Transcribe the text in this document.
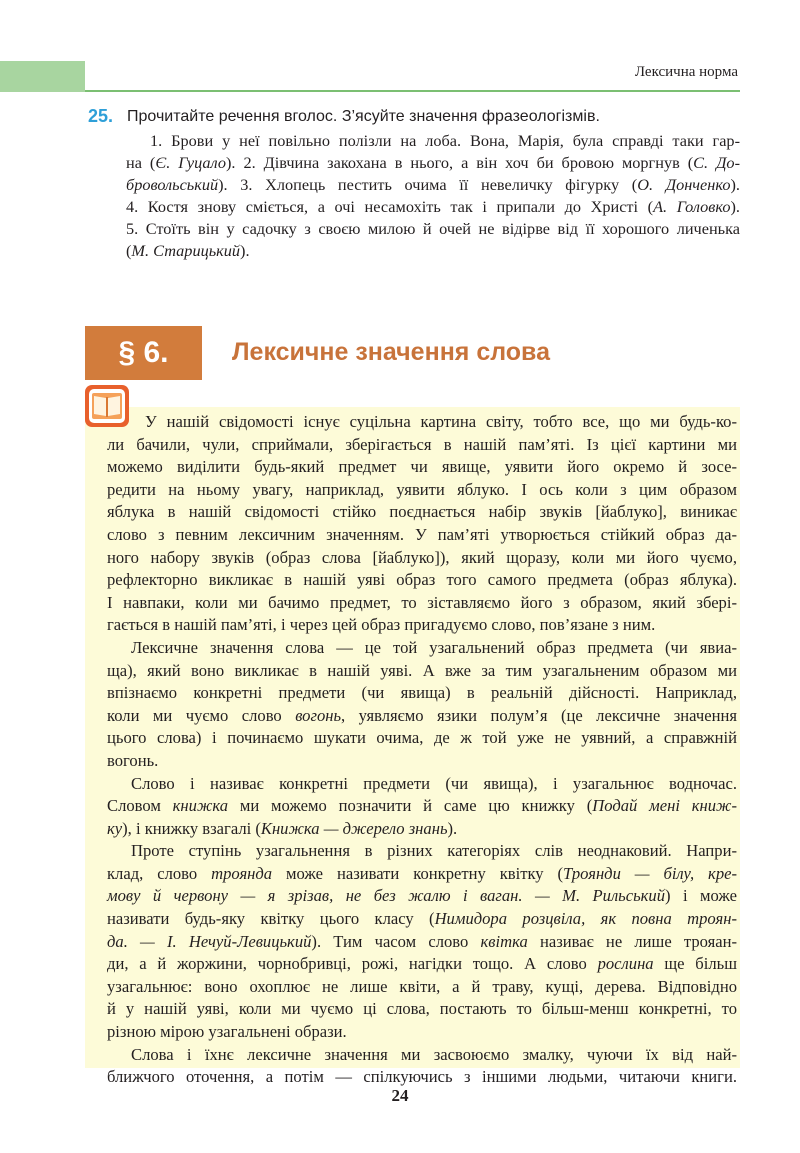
Лексична норма
25. Прочитайте речення вголос. З’ясуйте значення фразеологізмів.
1. Брови у неї повільно полізли на лоба. Вона, Марія, була справді таки гар-
на (Є. Гуцало). 2. Дівчина закохана в нього, а він хоч би бровою моргнув (С. До-
бровольський). 3. Хлопець пестить очима її невеличку фігурку (О. Донченко).
4. Костя знову сміється, а очі несамохіть так і припали до Христі (А. Головко).
5. Стоїть він у садочку з своєю милою й очей не відірве від її хорошого личенька
(М. Старицький).
§ 6.	Лексичне значення слова
У нашій свідомості існує суцільна картина світу, тобто все, що ми будь-ко-
ли бачили, чули, сприймали, зберігається в нашій пам’яті. Із цієї картини ми
можемо виділити будь-який предмет чи явище, уявити його окремо й зосе-
редити на ньому увагу, наприклад, уявити яблуко. І ось коли з цим образом
яблука в нашій свідомості стійко поєднається набір звуків [йаблуко], виникає
слово з певним лексичним значенням. У пам’яті утворюється стійкий образ да-
ного набору звуків (образ слова [йаблуко]), який щоразу, коли ми його чуємо,
рефлекторно викликає в нашій уяві образ того самого предмета (образ яблука).
І навпаки, коли ми бачимо предмет, то зіставляємо його з образом, який збері-
гається в нашій пам’яті, і через цей образ пригадуємо слово, пов’язане з ним.
Лексичне значення слова — це той узагальнений образ предмета (чи явиа-
ща), який воно викликає в нашій уяві. А вже за тим узагальненим образом ми
впізнаємо конкретні предмети (чи явища) в реальній дійсності. Наприклад,
коли ми чуємо слово вогонь, уявляємо язики полум’я (це лексичне значення
цього слова) і починаємо шукати очима, де ж той уже не уявний, а справжній
вогонь.
Слово і називає конкретні предмети (чи явища), і узагальнює водночас.
Словом книжка ми можемо позначити й саме цю книжку (Подай мені книж-
ку), і книжку взагалі (Книжка — джерело знань).
Проте ступінь узагальнення в різних категоріях слів неоднаковий. Напри-
клад, слово троянда може називати конкретну квітку (Троянди — білу, кре-
мову й червону — я зрізав, не без жалю і ваган. — М. Рильський) і може
називати будь-яку квітку цього класу (Нимидора розцвіла, як повна троян-
да. — І. Нечуй-Левицький). Тим часом слово квітка називає не лише трояан-
ди, а й жоржини, чорнобривці, рожі, нагідки тощо. А слово рослина ще більш
узагальнює: воно охоплює не лише квіти, а й траву, кущі, дерева. Відповідно
й у нашій уяві, коли ми чуємо ці слова, постають то більш-менш конкретні, то
різною мірою узагальнені образи.
Слова і їхнє лексичне значення ми засвоюємо змалку, чуючи їх від най-
ближчого оточення, а потім — спілкуючись з іншими людьми, читаючи книги.
24
